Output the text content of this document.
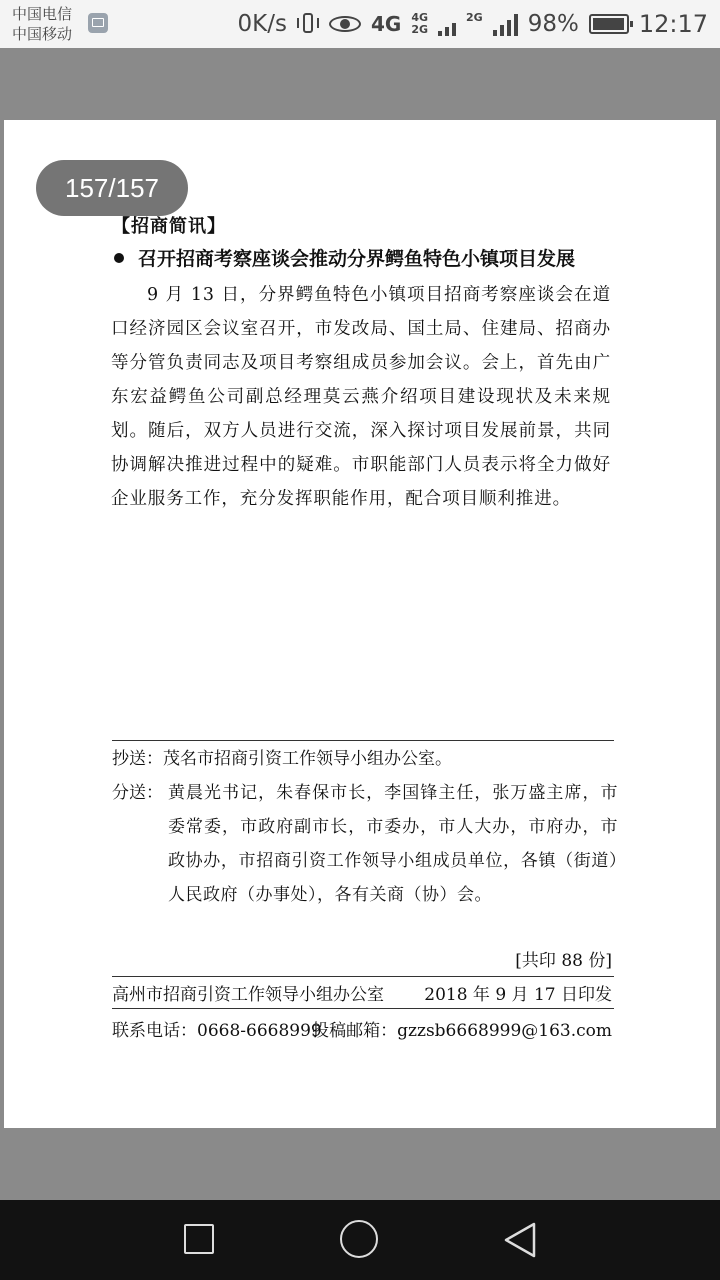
中国电信
中国移动	0K/s	4G 4G
2G
2G
98%	12:17
157/157
【招商简讯】
召开招商考察座谈会推动分界鳄鱼特色小镇项目发展
9 月 13 日，分界鳄鱼特色小镇项目招商考察座谈会在道口经济园区会议室召开，市发改局、国土局、住建局、招商办等分管负责同志及项目考察组成员参加会议。会上，首先由广东宏益鳄鱼公司副总经理莫云燕介绍项目建设现状及未来规划。随后，双方人员进行交流，深入探讨项目发展前景，共同协调解决推进过程中的疑难。市职能部门人员表示将全力做好企业服务工作，充分发挥职能作用，配合项目顺利推进。
抄送：茂名市招商引资工作领导小组办公室。
分送： 黄晨光书记，朱春保市长，李国锋主任，张万盛主席，市委常委，市政府副市长，市委办，市人大办，市府办，市政协办，市招商引资工作领导小组成员单位，各镇（街道）人民政府（办事处），各有关商（协）会。
[共印 88 份]
高州市招商引资工作领导小组办公室 2018 年 9 月 17 日印发
联系电话：0668-6668999
投稿邮箱：gzzsb6668999@163.com
